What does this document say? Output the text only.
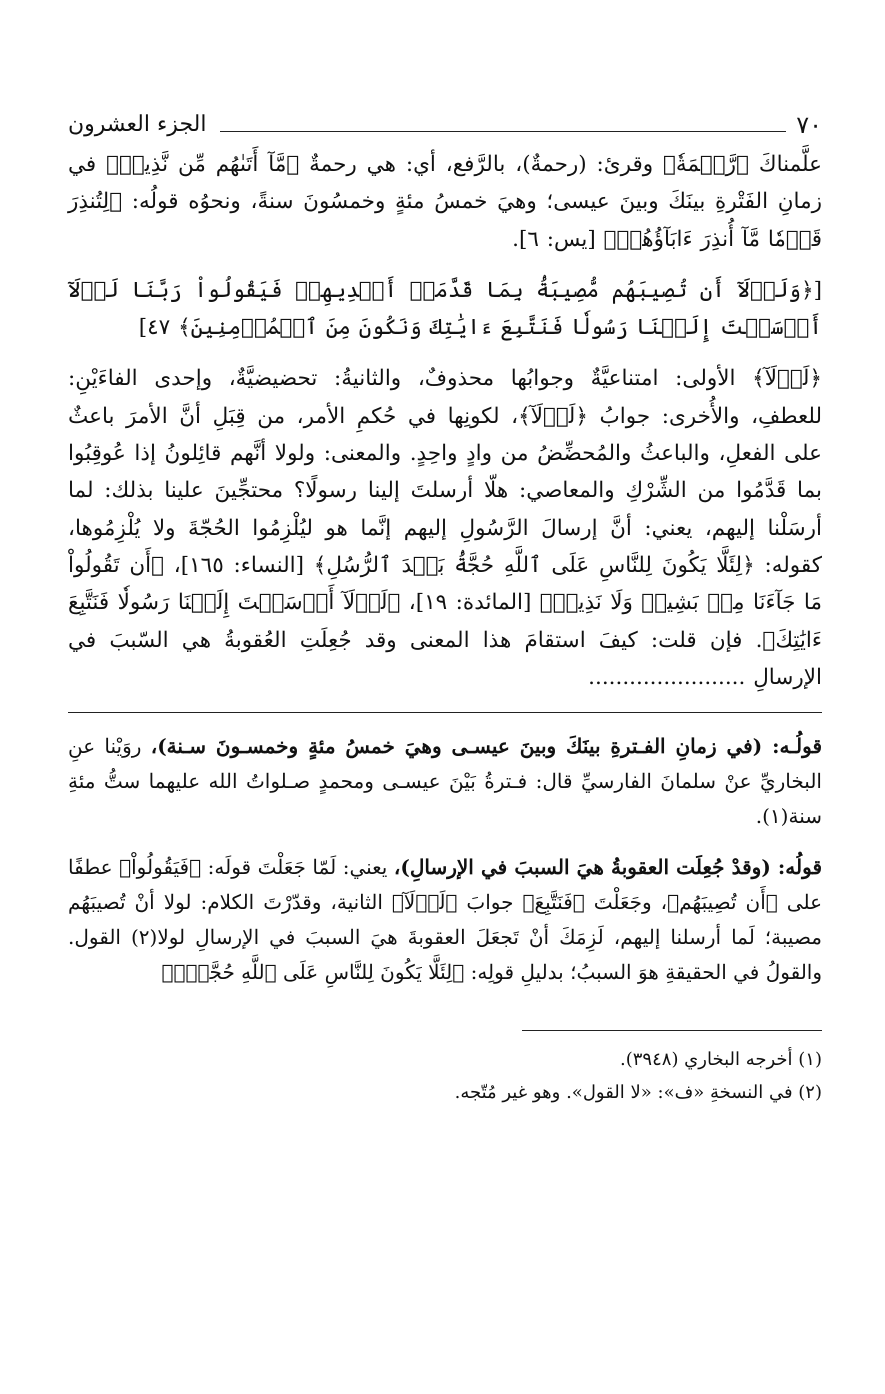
٧٠
الجزء العشرون

علَّمناكَ ﴿رَّحۡمَةٗ﴾ وقرئ: (رحمةٌ)، بالرَّفع، أي: هي رحمةٌ ﴿مَّآ أَتَىٰهُم مِّن نَّذِيرٖ﴾ في زمانِ الفَتْرةِ بينَكَ وبينَ عيسى؛ وهيَ خمسُ مئةٍ وخمسُونَ سنةً، ونحوُه قولُه: ﴿لِتُنذِرَ قَوۡمٗا مَّآ أُنذِرَ ءَابَآؤُهُمۡ﴾ [يس: ٦].

[﴿وَلَوۡلَآ أَن تُصِيبَهُم مُّصِيبَةُۢ بِمَا قَدَّمَتۡ أَيۡدِيهِمۡ فَيَقُولُواْ رَبَّنَا لَوۡلَآ أَرۡسَلۡتَ إِلَيۡنَا رَسُولٗا فَنَتَّبِعَ ءَايَٰتِكَ وَنَكُونَ مِنَ ٱلۡمُؤۡمِنِينَ﴾ ٤٧]

﴿لَوۡلَآ﴾ الأولى: امتناعيَّةٌ وجوابُها محذوفٌ، والثانيةُ: تحضيضيَّةٌ، وإحدى الفاءَيْنِ: للعطفِ، والأُخرى: جوابُ ﴿لَوۡلَآ﴾، لكونِها في حُكمِ الأمر، من قِبَلِ أنَّ الأمرَ باعثٌ على الفعلِ، والباعثُ والمُحضِّضُ من وادٍ واحِدٍ. والمعنى: ولولا أنَّهم قائِلونُ إذا عُوقِبُوا بما قَدَّمُوا من الشِّرْكِ والمعاصي: هلّا أرسلتَ إلينا رسولًا؟ محتجِّينَ علينا بذلك: لما أرسَلْنا إليهم، يعني: أنَّ إرسالَ الرَّسُولِ إليهم إنَّما هو ليُلْزِمُوا الحُجّةَ ولا يُلْزِمُوها، كقوله: ﴿لِئَلَّا يَكُونَ لِلنَّاسِ عَلَى ٱللَّهِ حُجَّةُۢ بَعۡدَ ٱلرُّسُلِ﴾ [النساء: ١٦٥]، ﴿أَن تَقُولُواْ مَا جَآءَنَا مِنۢ بَشِيرٖ وَلَا نَذِيرٖ﴾ [المائدة: ١٩]، ﴿لَوۡلَآ أَرۡسَلۡتَ إِلَيۡنَا رَسُولٗا فَنَتَّبِعَ ءَايَٰتِكَ﴾. فإن قلت: كيفَ استقامَ هذا المعنى وقد جُعِلَتِ العُقوبةُ هي السّببَ في الإرسالِ .......................

قولُـه: (في زمانِ الفـترةِ بينَكَ وبينَ عيسـى وهيَ خمسُ مئةٍ وخمسـونَ سـنة)، روَيْنا عنِ البخاريِّ عنْ سلمانَ الفارسيِّ قال: فـترةُ بَيْنَ عيسـى ومحمدٍ صـلواتُ الله عليهما ستُّ مئةِ سنة(١).

قولُه: (وقدْ جُعِلَت العقوبةُ هيَ السببَ في الإرسالِ)، يعني: لَمّا جَعَلْتَ قولَه: ﴿فَيَقُولُواْ﴾ عطفًا على ﴿أَن تُصِيبَهُم﴾، وجَعَلْتَ ﴿فَنَتَّبِعَ﴾ جوابَ ﴿لَوۡلَآ﴾ الثانية، وقدّرْتَ الكلام: لولا أنْ تُصيبَهُم مصيبة؛ لَما أرسلنا إليهم، لَزِمَكَ أنْ تَجعَلَ العقوبةَ هيَ السببَ في الإرسالِ لولا(٢) القول. والقولُ في الحقيقةِ هوَ السببُ؛ بدليلِ قولِه: ﴿لِئَلَّا يَكُونَ لِلنَّاسِ عَلَى ٱللَّهِ حُجَّةُۢ﴾

(١) أخرجه البخاري (٣٩٤٨).

(٢) في النسخةِ «ف»: «لا القول». وهو غير مُتّجه.
